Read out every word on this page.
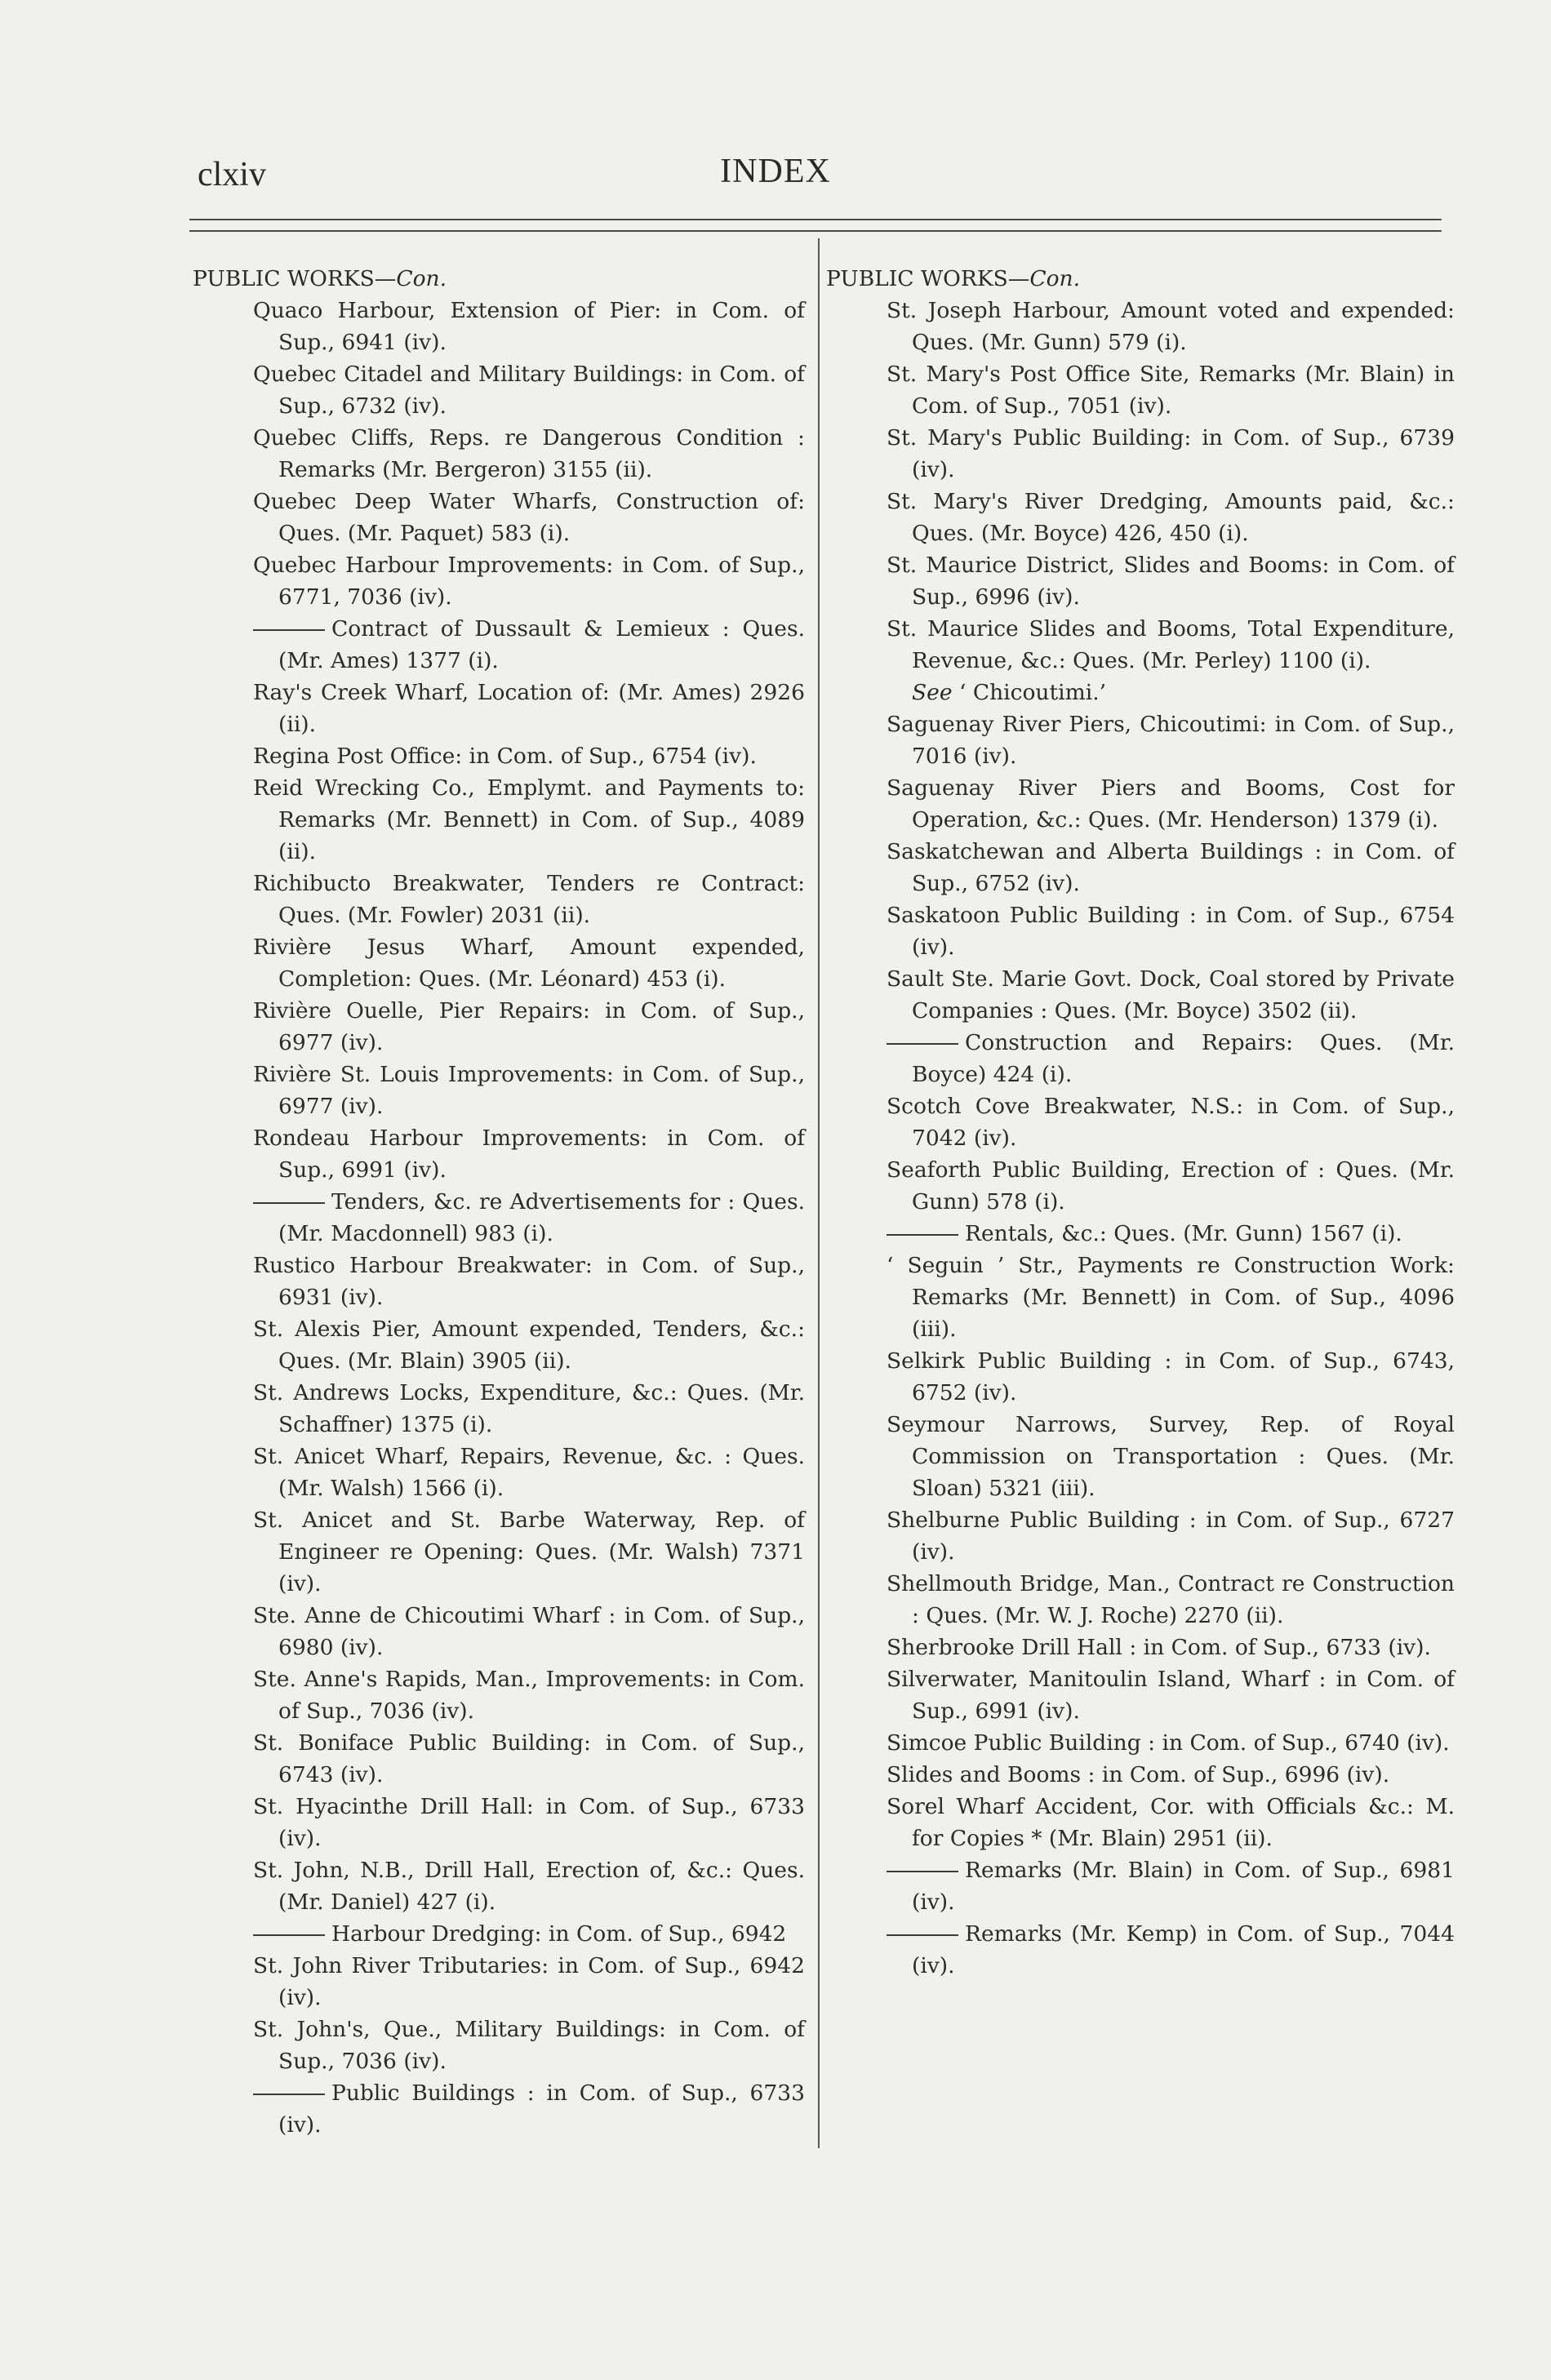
clxiv	INDEX
PUBLIC WORKS—Con.
Quaco Harbour, Extension of Pier: in Com. of Sup., 6941 (iv).
Quebec Citadel and Military Buildings: in Com. of Sup., 6732 (iv).
Quebec Cliffs, Reps. re Dangerous Condition : Remarks (Mr. Bergeron) 3155 (ii).
Quebec Deep Water Wharfs, Construction of: Ques. (Mr. Paquet) 583 (i).
Quebec Harbour Improvements: in Com. of Sup., 6771, 7036 (iv).
Contract of Dussault & Lemieux : Ques. (Mr. Ames) 1377 (i).
Ray's Creek Wharf, Location of: (Mr. Ames) 2926 (ii).
Regina Post Office: in Com. of Sup., 6754 (iv).
Reid Wrecking Co., Emplymt. and Payments to: Remarks (Mr. Bennett) in Com. of Sup., 4089 (ii).
Richibucto Breakwater, Tenders re Contract: Ques. (Mr. Fowler) 2031 (ii).
Rivière Jesus Wharf, Amount expended, Completion: Ques. (Mr. Léonard) 453 (i).
Rivière Ouelle, Pier Repairs: in Com. of Sup., 6977 (iv).
Rivière St. Louis Improvements: in Com. of Sup., 6977 (iv).
Rondeau Harbour Improvements: in Com. of Sup., 6991 (iv).
Tenders, &c. re Advertisements for : Ques. (Mr. Macdonnell) 983 (i).
Rustico Harbour Breakwater: in Com. of Sup., 6931 (iv).
St. Alexis Pier, Amount expended, Tenders, &c.: Ques. (Mr. Blain) 3905 (ii).
St. Andrews Locks, Expenditure, &c.: Ques. (Mr. Schaffner) 1375 (i).
St. Anicet Wharf, Repairs, Revenue, &c. : Ques. (Mr. Walsh) 1566 (i).
St. Anicet and St. Barbe Waterway, Rep. of Engineer re Opening: Ques. (Mr. Walsh) 7371 (iv).
Ste. Anne de Chicoutimi Wharf : in Com. of Sup., 6980 (iv).
Ste. Anne's Rapids, Man., Improvements: in Com. of Sup., 7036 (iv).
St. Boniface Public Building: in Com. of Sup., 6743 (iv).
St. Hyacinthe Drill Hall: in Com. of Sup., 6733 (iv).
St. John, N.B., Drill Hall, Erection of, &c.: Ques. (Mr. Daniel) 427 (i).
Harbour Dredging: in Com. of Sup., 6942
St. John River Tributaries: in Com. of Sup., 6942 (iv).
St. John's, Que., Military Buildings: in Com. of Sup., 7036 (iv).
Public Buildings : in Com. of Sup., 6733 (iv).
PUBLIC WORKS—Con.
St. Joseph Harbour, Amount voted and expended: Ques. (Mr. Gunn) 579 (i).
St. Mary's Post Office Site, Remarks (Mr. Blain) in Com. of Sup., 7051 (iv).
St. Mary's Public Building: in Com. of Sup., 6739 (iv).
St. Mary's River Dredging, Amounts paid, &c.: Ques. (Mr. Boyce) 426, 450 (i).
St. Maurice District, Slides and Booms: in Com. of Sup., 6996 (iv).
St. Maurice Slides and Booms, Total Expenditure, Revenue, &c.: Ques. (Mr. Perley) 1100 (i).
See ‘ Chicoutimi.’
Saguenay River Piers, Chicoutimi: in Com. of Sup., 7016 (iv).
Saguenay River Piers and Booms, Cost for Operation, &c.: Ques. (Mr. Henderson) 1379 (i).
Saskatchewan and Alberta Buildings : in Com. of Sup., 6752 (iv).
Saskatoon Public Building : in Com. of Sup., 6754 (iv).
Sault Ste. Marie Govt. Dock, Coal stored by Private Companies : Ques. (Mr. Boyce) 3502 (ii).
Construction and Repairs: Ques. (Mr. Boyce) 424 (i).
Scotch Cove Breakwater, N.S.: in Com. of Sup., 7042 (iv).
Seaforth Public Building, Erection of : Ques. (Mr. Gunn) 578 (i).
Rentals, &c.: Ques. (Mr. Gunn) 1567 (i).
‘ Seguin ’ Str., Payments re Construction Work: Remarks (Mr. Bennett) in Com. of Sup., 4096 (iii).
Selkirk Public Building : in Com. of Sup., 6743, 6752 (iv).
Seymour Narrows, Survey, Rep. of Royal Commission on Transportation : Ques. (Mr. Sloan) 5321 (iii).
Shelburne Public Building : in Com. of Sup., 6727 (iv).
Shellmouth Bridge, Man., Contract re Construction : Ques. (Mr. W. J. Roche) 2270 (ii).
Sherbrooke Drill Hall : in Com. of Sup., 6733 (iv).
Silverwater, Manitoulin Island, Wharf : in Com. of Sup., 6991 (iv).
Simcoe Public Building : in Com. of Sup., 6740 (iv).
Slides and Booms : in Com. of Sup., 6996 (iv).
Sorel Wharf Accident, Cor. with Officials &c.: M. for Copies * (Mr. Blain) 2951 (ii).
Remarks (Mr. Blain) in Com. of Sup., 6981 (iv).
Remarks (Mr. Kemp) in Com. of Sup., 7044 (iv).
